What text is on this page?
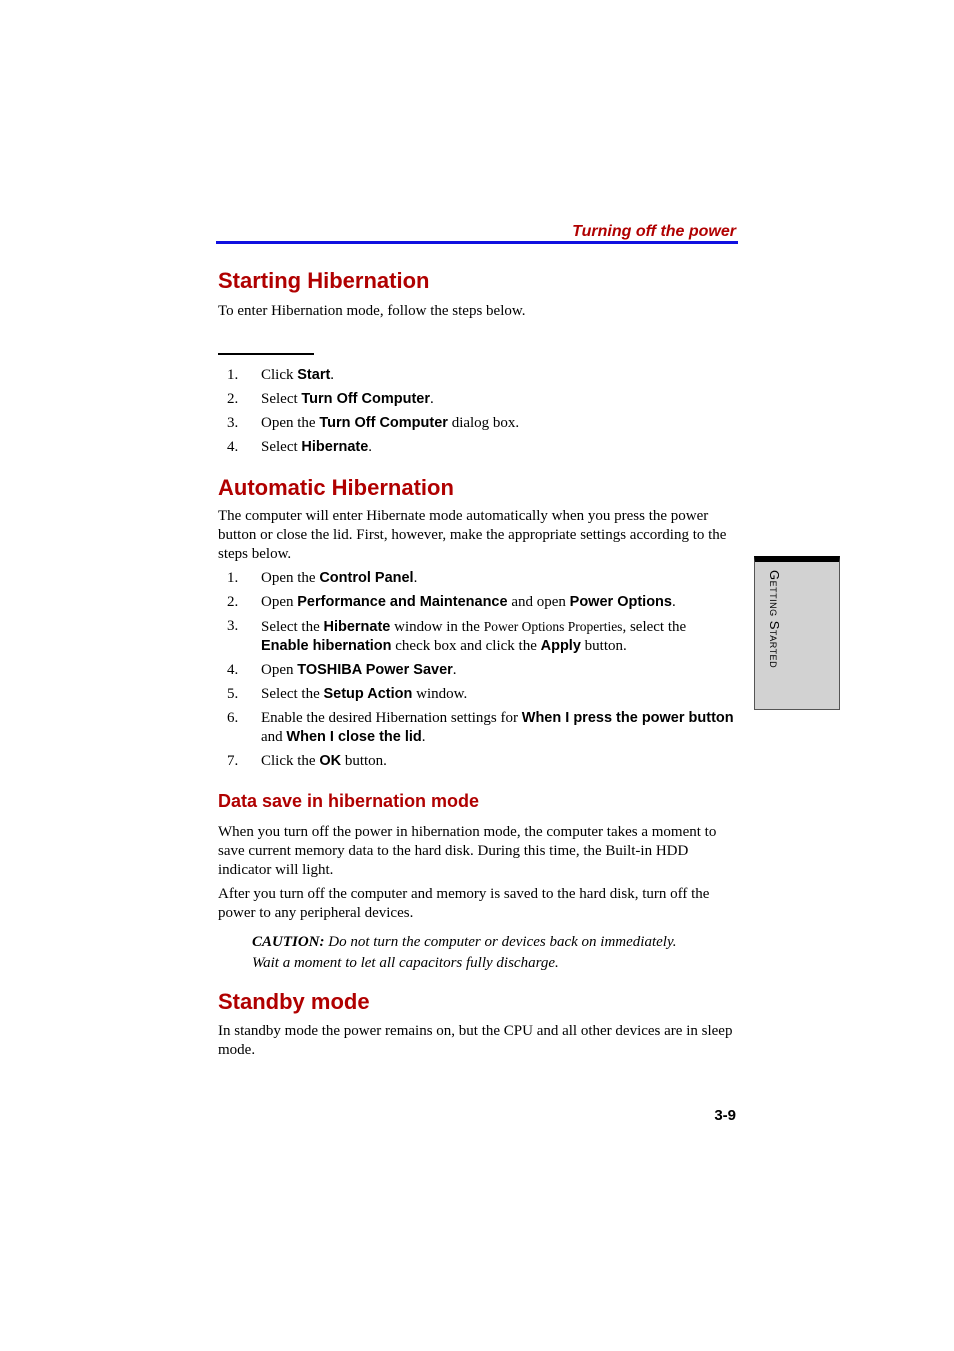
Turning off the power
Starting Hibernation

To enter Hibernation mode, follow the steps below.

1.	Click Start.
2.	Select Turn Off Computer.
3.	Open the Turn Off Computer dialog box.
4.	Select Hibernate.
Automatic Hibernation

The computer will enter Hibernate mode automatically when you press the power button or close the lid. First, however, make the appropriate settings according to the steps below.

1.	Open the Control Panel.
2.	Open Performance and Maintenance and open Power Options.
3.	Select the Hibernate window in the Power Options Properties, select the Enable hibernation check box and click the Apply button.
4.	Open TOSHIBA Power Saver.
5.	Select the Setup Action window.
6.	Enable the desired Hibernation settings for When I press the power button and When I close the lid.
7.	Click the OK button.
Data save in hibernation mode

When you turn off the power in hibernation mode, the computer takes a moment to save current memory data to the hard disk. During this time, the Built-in HDD indicator will light.

After you turn off the computer and memory is saved to the hard disk, turn off the power to any peripheral devices.

CAUTION: Do not turn the computer or devices back on immediately. Wait a moment to let all capacitors fully discharge.
Standby mode

In standby mode the power remains on, but the CPU and all other devices are in sleep mode.

Getting Started
3-9
